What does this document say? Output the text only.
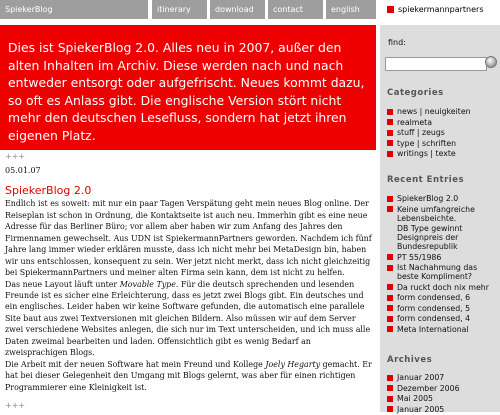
SpiekerBlog	itinerary	download	contact	english	spiekermannpartners
Dies ist SpiekerBlog 2.0. Alles neu in 2007, außer den alten Inhalten im Archiv. Diese werden nach und nach entweder entsorgt oder aufgefrischt. Neues kommt dazu, so oft es Anlass gibt. Die englische Version stört nicht mehr den deutschen Lesefluss, sondern hat jetzt ihren eigenen Platz.
+++
05.01.07
SpiekerBlog 2.0

Endlich ist es soweit: mit nur ein paar Tagen Verspätung geht mein neues Blog online. Der Reiseplan ist schon in Ordnung, die Kontaktseite ist auch neu. Immerhin gibt es eine neue Adresse für das Berliner Büro; vor allem aber haben wir zum Anfang des Jahres den Firmennamen gewechselt. Aus UDN ist SpiekermannPartners geworden. Nachdem ich fünf Jahre lang immer wieder erklären musste, dass ich nicht mehr bei MetaDesign bin, haben wir uns entschlossen, konsequent zu sein. Wer jetzt nicht merkt, dass ich nicht gleichzeitig bei SpiekermannPartners und meiner alten Firma sein kann, dem ist nicht zu helfen.

Das neue Layout läuft unter Movable Type. Für die deutsch sprechenden und lesenden Freunde ist es sicher eine Erleichterung, dass es jetzt zwei Blogs gibt. Ein deutsches und ein englisches. Leider haben wir keine Software gefunden, die automatisch eine parallele Site baut aus zwei Textversionen mit gleichen Bildern. Also müssen wir auf dem Server zwei verschiedene Websites anlegen, die sich nur im Text unterscheiden, und ich muss alle Daten zweimal bearbeiten und laden. Offensichtlich gibt es wenig Bedarf an zweisprachigen Blogs.

Die Arbeit mit der neuen Software hat mein Freund und Kollege Joely Hegarty gemacht. Er hat bei dieser Gelegenheit den Umgang mit Blogs gelernt, was aber für einen richtigen Programmierer eine Kleinigkeit ist.

+++
find:
Categories
news | neuigkeiten
realmeta
stuff | zeugs
type | schriften
writings | texte
Recent Entries
SpiekerBlog 2.0
Keine umfangreiche Lebensbeichte.
DB Type gewinnt Designpreis der Bundesrepublik
PT 55/1986
Ist Nachahmung das beste Kompliment?
Da ruckt doch nix mehr
form condensed, 6
form condensed, 5
form condensed, 4
Meta International
Archives
Januar 2007
Dezember 2006
Mai 2005
Januar 2005
